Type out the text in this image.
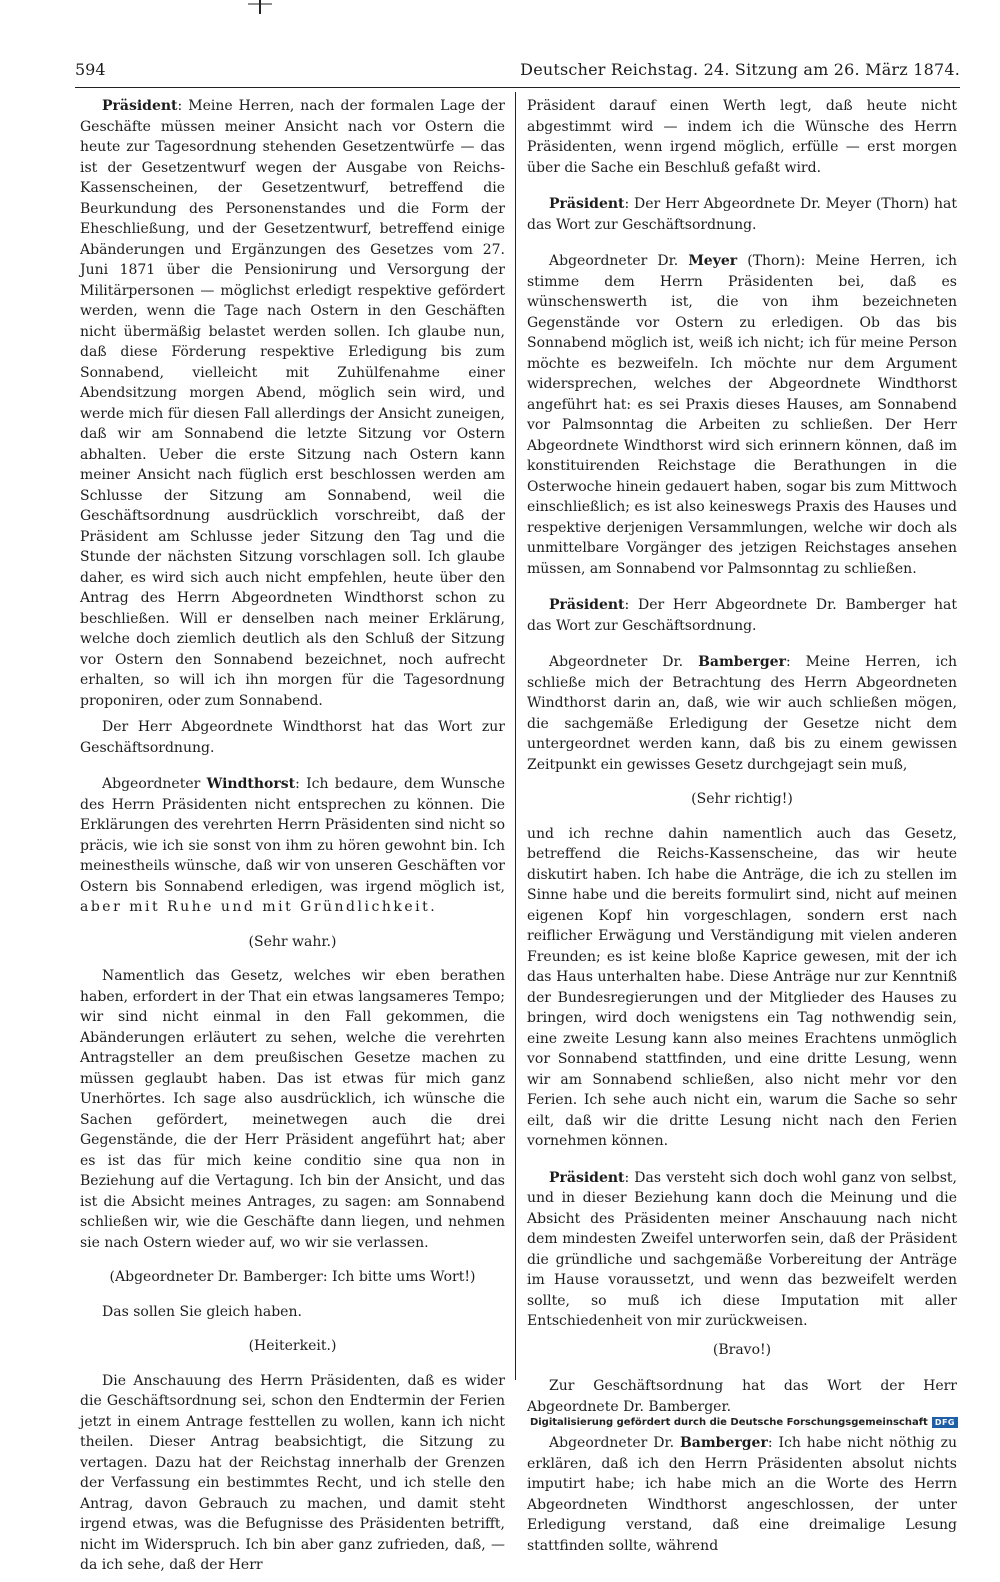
594	Deutscher Reichstag. 24. Sitzung am 26. März 1874.

Präsident: Meine Herren, nach der formalen Lage der Geschäfte müssen meiner Ansicht nach vor Ostern die heute zur Tagesordnung stehenden Gesetzentwürfe — das ist der Gesetzentwurf wegen der Ausgabe von Reichs-Kassenscheinen, der Gesetzentwurf, betreffend die Beurkundung des Personenstandes und die Form der Eheschließung, und der Gesetzentwurf, betreffend einige Abänderungen und Ergänzungen des Gesetzes vom 27. Juni 1871 über die Pensionirung und Versorgung der Militärpersonen — möglichst erledigt respektive gefördert werden, wenn die Tage nach Ostern in den Geschäften nicht übermäßig belastet werden sollen. Ich glaube nun, daß diese Förderung respektive Erledigung bis zum Sonnabend, vielleicht mit Zuhülfenahme einer Abendsitzung morgen Abend, möglich sein wird, und werde mich für diesen Fall allerdings der Ansicht zuneigen, daß wir am Sonnabend die letzte Sitzung vor Ostern abhalten. Ueber die erste Sitzung nach Ostern kann meiner Ansicht nach füglich erst beschlossen werden am Schlusse der Sitzung am Sonnabend, weil die Geschäftsordnung ausdrücklich vorschreibt, daß der Präsident am Schlusse jeder Sitzung den Tag und die Stunde der nächsten Sitzung vorschlagen soll. Ich glaube daher, es wird sich auch nicht empfehlen, heute über den Antrag des Herrn Abgeordneten Windthorst schon zu beschließen. Will er denselben nach meiner Erklärung, welche doch ziemlich deutlich als den Schluß der Sitzung vor Ostern den Sonnabend bezeichnet, noch aufrecht erhalten, so will ich ihn morgen für die Tagesordnung proponiren, oder zum Sonnabend.

Der Herr Abgeordnete Windthorst hat das Wort zur Geschäftsordnung.

Abgeordneter Windthorst: Ich bedaure, dem Wunsche des Herrn Präsidenten nicht entsprechen zu können. Die Erklärungen des verehrten Herrn Präsidenten sind nicht so präcis, wie ich sie sonst von ihm zu hören gewohnt bin. Ich meinestheils wünsche, daß wir von unseren Geschäften vor Ostern bis Sonnabend erledigen, was irgend möglich ist, aber mit Ruhe und mit Gründlichkeit.

(Sehr wahr.)

Namentlich das Gesetz, welches wir eben berathen haben, erfordert in der That ein etwas langsameres Tempo; wir sind nicht einmal in den Fall gekommen, die Abänderungen erläutert zu sehen, welche die verehrten Antragsteller an dem preußischen Gesetze machen zu müssen geglaubt haben. Das ist etwas für mich ganz Unerhörtes. Ich sage also ausdrücklich, ich wünsche die Sachen gefördert, meinetwegen auch die drei Gegenstände, die der Herr Präsident angeführt hat; aber es ist das für mich keine conditio sine qua non in Beziehung auf die Vertagung. Ich bin der Ansicht, und das ist die Absicht meines Antrages, zu sagen: am Sonnabend schließen wir, wie die Geschäfte dann liegen, und nehmen sie nach Ostern wieder auf, wo wir sie verlassen.

(Abgeordneter Dr. Bamberger: Ich bitte ums Wort!)

Das sollen Sie gleich haben.

(Heiterkeit.)

Die Anschauung des Herrn Präsidenten, daß es wider die Geschäftsordnung sei, schon den Endtermin der Ferien jetzt in einem Antrage festtellen zu wollen, kann ich nicht theilen. Dieser Antrag beabsichtigt, die Sitzung zu vertagen. Dazu hat der Reichstag innerhalb der Grenzen der Verfassung ein bestimmtes Recht, und ich stelle den Antrag, davon Gebrauch zu machen, und damit steht irgend etwas, was die Befugnisse des Präsidenten betrifft, nicht im Widerspruch. Ich bin aber ganz zufrieden, daß, — da ich sehe, daß der Herr

Präsident darauf einen Werth legt, daß heute nicht abgestimmt wird — indem ich die Wünsche des Herrn Präsidenten, wenn irgend möglich, erfülle — erst morgen über die Sache ein Beschluß gefaßt wird.

Präsident: Der Herr Abgeordnete Dr. Meyer (Thorn) hat das Wort zur Geschäftsordnung.

Abgeordneter Dr. Meyer (Thorn): Meine Herren, ich stimme dem Herrn Präsidenten bei, daß es wünschenswerth ist, die von ihm bezeichneten Gegenstände vor Ostern zu erledigen. Ob das bis Sonnabend möglich ist, weiß ich nicht; ich für meine Person möchte es bezweifeln. Ich möchte nur dem Argument widersprechen, welches der Abgeordnete Windthorst angeführt hat: es sei Praxis dieses Hauses, am Sonnabend vor Palmsonntag die Arbeiten zu schließen. Der Herr Abgeordnete Windthorst wird sich erinnern können, daß im konstituirenden Reichstage die Berathungen in die Osterwoche hinein gedauert haben, sogar bis zum Mittwoch einschließlich; es ist also keineswegs Praxis des Hauses und respektive derjenigen Versammlungen, welche wir doch als unmittelbare Vorgänger des jetzigen Reichstages ansehen müssen, am Sonnabend vor Palmsonntag zu schließen.

Präsident: Der Herr Abgeordnete Dr. Bamberger hat das Wort zur Geschäftsordnung.

Abgeordneter Dr. Bamberger: Meine Herren, ich schließe mich der Betrachtung des Herrn Abgeordneten Windthorst darin an, daß, wie wir auch schließen mögen, die sachgemäße Erledigung der Gesetze nicht dem untergeordnet werden kann, daß bis zu einem gewissen Zeitpunkt ein gewisses Gesetz durchgejagt sein muß,

(Sehr richtig!)

und ich rechne dahin namentlich auch das Gesetz, betreffend die Reichs-Kassenscheine, das wir heute diskutirt haben. Ich habe die Anträge, die ich zu stellen im Sinne habe und die bereits formulirt sind, nicht auf meinen eigenen Kopf hin vorgeschlagen, sondern erst nach reiflicher Erwägung und Verständigung mit vielen anderen Freunden; es ist keine bloße Kaprice gewesen, mit der ich das Haus unterhalten habe. Diese Anträge nur zur Kenntniß der Bundesregierungen und der Mitglieder des Hauses zu bringen, wird doch wenigstens ein Tag nothwendig sein, eine zweite Lesung kann also meines Erachtens unmöglich vor Sonnabend stattfinden, und eine dritte Lesung, wenn wir am Sonnabend schließen, also nicht mehr vor den Ferien. Ich sehe auch nicht ein, warum die Sache so sehr eilt, daß wir die dritte Lesung nicht nach den Ferien vornehmen können.

Präsident: Das versteht sich doch wohl ganz von selbst, und in dieser Beziehung kann doch die Meinung und die Absicht des Präsidenten meiner Anschauung nach nicht dem mindesten Zweifel unterworfen sein, daß der Präsident die gründliche und sachgemäße Vorbereitung der Anträge im Hause voraussetzt, und wenn das bezweifelt werden sollte, so muß ich diese Imputation mit aller Entschiedenheit von mir zurückweisen.

(Bravo!)

Zur Geschäftsordnung hat das Wort der Herr Abgeordnete Dr. Bamberger.

Abgeordneter Dr. Bamberger: Ich habe nicht nöthig zu erklären, daß ich den Herrn Präsidenten absolut nichts imputirt habe; ich habe mich an die Worte des Herrn Abgeordneten Windthorst angeschlossen, der unter Erledigung verstand, daß eine dreimalige Lesung stattfinden sollte, während

Digitalisierung gefördert durch die Deutsche Forschungsgemeinschaft DFG
